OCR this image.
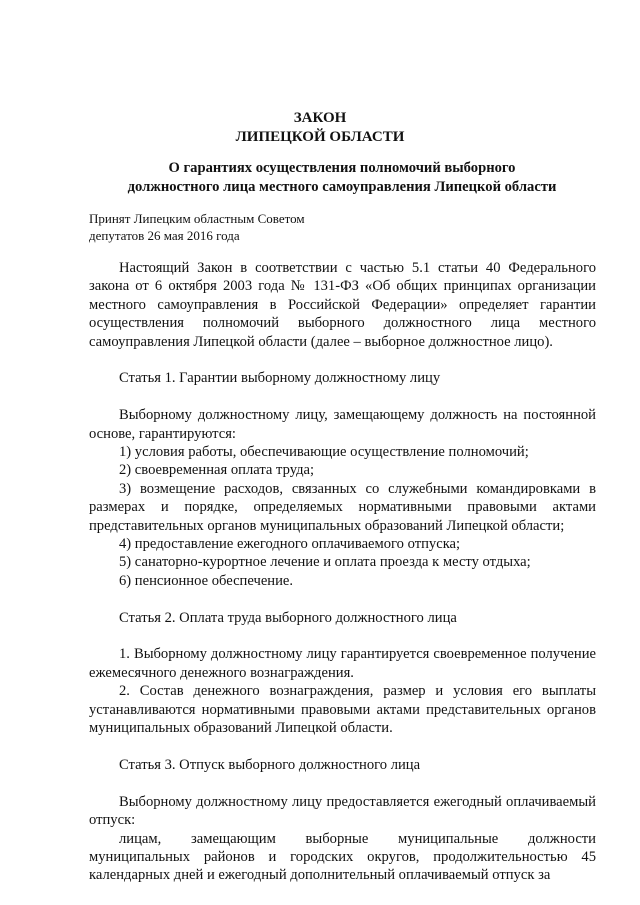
ЗАКОН
ЛИПЕЦКОЙ ОБЛАСТИ
О гарантиях осуществления полномочий выборного
должностного лица местного самоуправления Липецкой области
Принят Липецким областным Советом
депутатов 26 мая 2016 года

Настоящий Закон в соответствии с частью 5.1 статьи 40 Федерального закона от 6 октября 2003 года № 131-ФЗ «Об общих принципах организации местного самоуправления в Российской Федерации» определяет гарантии осуществления полномочий выборного должностного лица местного самоуправления Липецкой области (далее – выборное должностное лицо).

Статья 1. Гарантии выборному должностному лицу

Выборному должностному лицу, замещающему должность на постоянной основе, гарантируются:

1) условия работы, обеспечивающие осуществление полномочий;

2) своевременная оплата труда;

3) возмещение расходов, связанных со служебными командировками в размерах и порядке, определяемых нормативными правовыми актами представительных органов муниципальных образований Липецкой области;

4) предоставление ежегодного оплачиваемого отпуска;

5) санаторно-курортное лечение и оплата проезда к месту отдыха;

6) пенсионное обеспечение.

Статья 2. Оплата труда выборного должностного лица

1. Выборному должностному лицу гарантируется своевременное получение ежемесячного денежного вознаграждения.

2. Состав денежного вознаграждения, размер и условия его выплаты устанавливаются нормативными правовыми актами представительных органов муниципальных образований Липецкой области.

Статья 3. Отпуск выборного должностного лица

Выборному должностному лицу предоставляется ежегодный оплачиваемый отпуск:

лицам, замещающим выборные муниципальные должности муниципальных районов и городских округов, продолжительностью 45 календарных дней и ежегодный дополнительный оплачиваемый отпуск за
